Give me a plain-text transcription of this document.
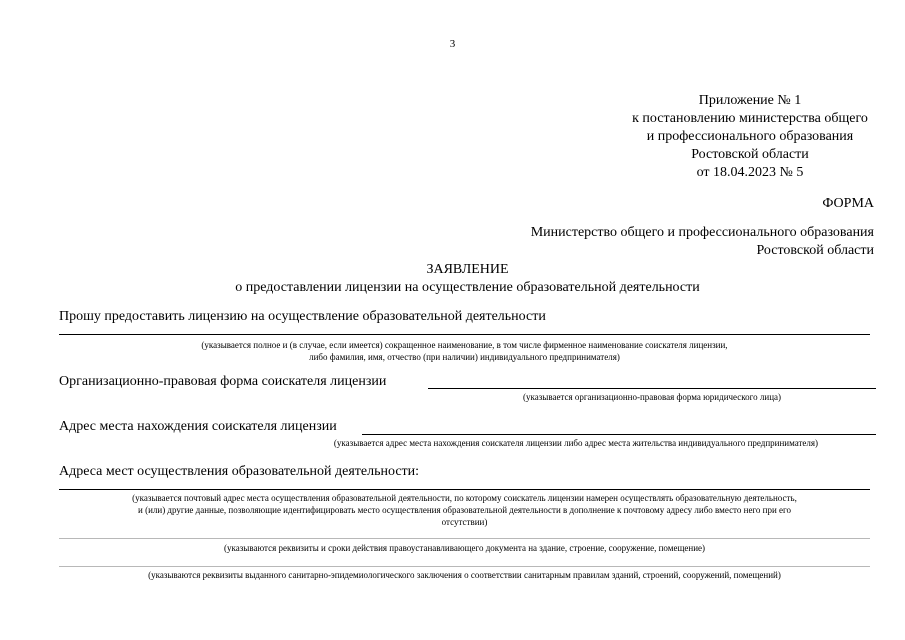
3
Приложение № 1
к постановлению министерства общего
и профессионального образования
Ростовской области
от 18.04.2023 № 5
ФОРМА
Министерство общего и профессионального образования
Ростовской области
ЗАЯВЛЕНИЕ
о предоставлении лицензии на осуществление образовательной деятельности
Прошу предоставить лицензию на осуществление образовательной деятельности
(указывается полное и (в случае, если имеется) сокращенное наименование, в том числе фирменное наименование соискателя лицензии,
либо фамилия, имя, отчество (при наличии) индивидуального предпринимателя)
Организационно-правовая форма соискателя лицензии
(указывается организационно-правовая форма юридического лица)
Адрес места нахождения соискателя лицензии
(указывается адрес места нахождения соискателя лицензии либо адрес места жительства индивидуального предпринимателя)
Адреса мест осуществления образовательной деятельности:
(указывается почтовый адрес места осуществления образовательной деятельности, по которому соискатель лицензии намерен осуществлять образовательную деятельность,
и (или) другие данные, позволяющие идентифицировать место осуществления образовательной деятельности в дополнение к почтовому адресу либо вместо него при его
отсутствии)
(указываются реквизиты и сроки действия правоустанавливающего документа на здание, строение, сооружение, помещение)
(указываются реквизиты выданного санитарно-эпидемиологического заключения о соответствии санитарным правилам зданий, строений, сооружений, помещений)
